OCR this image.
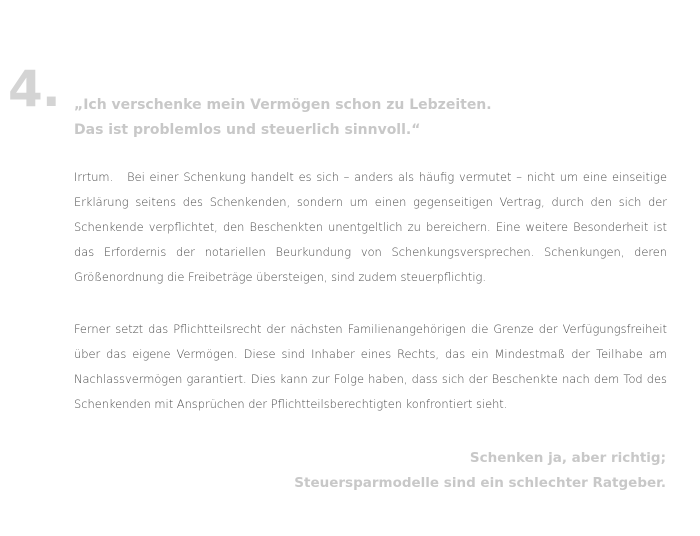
4. „Ich verschenke mein Vermögen schon zu Lebzeiten.
Das ist problemlos und steuerlich sinnvoll.“
Irrtum. Bei einer Schenkung handelt es sich – anders als häufig vermutet – nicht um eine einseitige Erklärung seitens des Schenkenden, sondern um einen gegenseitigen Vertrag, durch den sich der Schenkende verpflichtet, den Beschenkten unentgeltlich zu bereichern. Eine weitere Besonderheit ist das Erfordernis der notariellen Beurkundung von Schenkungsversprechen. Schenkungen, deren Größenordnung die Freibeträge übersteigen, sind zudem steuerpflichtig.
Ferner setzt das Pflichtteilsrecht der nächsten Familienangehörigen die Grenze der Verfügungsfreiheit über das eigene Vermögen. Diese sind Inhaber eines Rechts, das ein Mindestmaß der Teilhabe am Nachlassvermögen garantiert. Dies kann zur Folge haben, dass sich der Beschenkte nach dem Tod des Schenkenden mit Ansprüchen der Pflichtteilsberechtigten konfrontiert sieht.
Schenken ja, aber richtig;
Steuersparmodelle sind ein schlechter Ratgeber.
